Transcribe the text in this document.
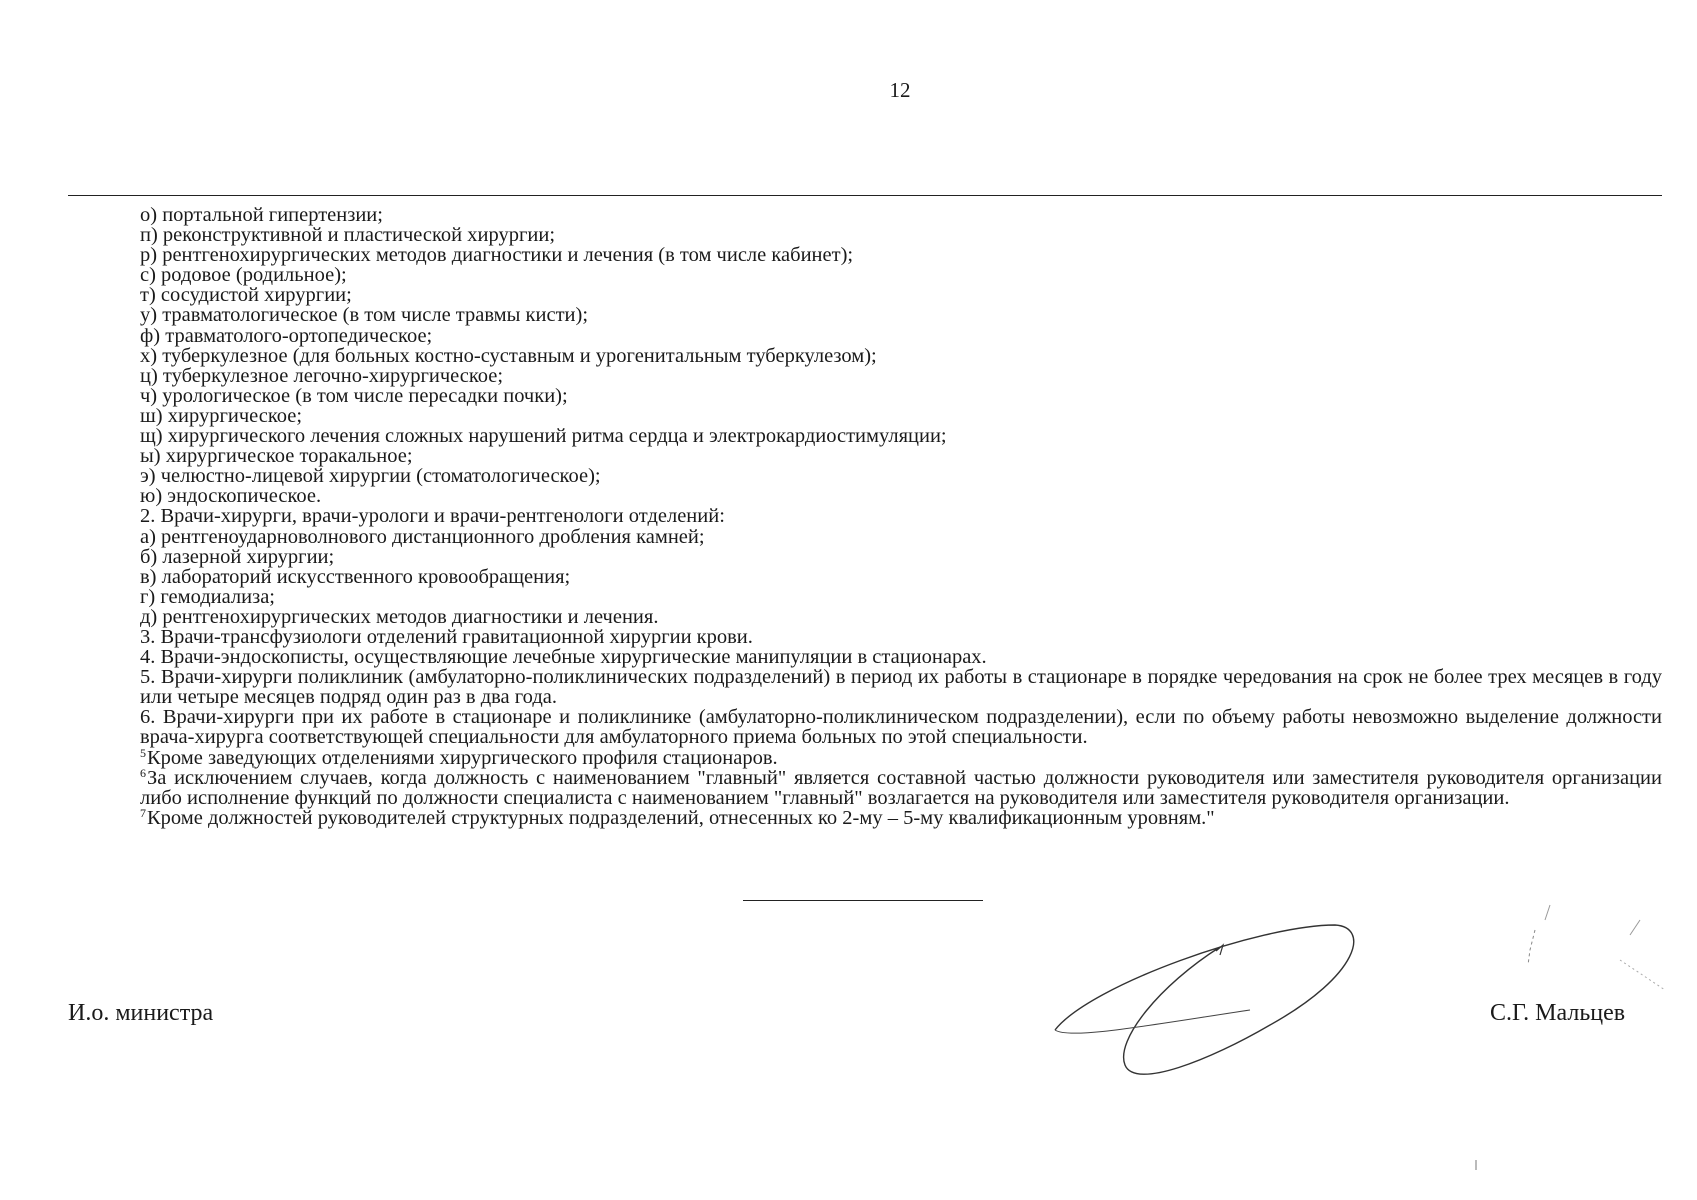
12
о) портальной гипертензии;
п) реконструктивной и пластической хирургии;
р) рентгенохирургических методов диагностики и лечения (в том числе кабинет);
с) родовое (родильное);
т) сосудистой хирургии;
у) травматологическое (в том числе травмы кисти);
ф) травматолого-ортопедическое;
х) туберкулезное (для больных костно-суставным и урогенитальным туберкулезом);
ц) туберкулезное легочно-хирургическое;
ч) урологическое (в том числе пересадки почки);
ш) хирургическое;
щ) хирургического лечения сложных нарушений ритма сердца и электрокардиостимуляции;
ы) хирургическое торакальное;
э) челюстно-лицевой хирургии (стоматологическое);
ю) эндоскопическое.
2. Врачи-хирурги, врачи-урологи и врачи-рентгенологи отделений:
а) рентгеноударноволнового дистанционного дробления камней;
б) лазерной хирургии;
в) лабораторий искусственного кровообращения;
г) гемодиализа;
д) рентгенохирургических методов диагностики и лечения.
3. Врачи-трансфузиологи отделений гравитационной хирургии крови.
4. Врачи-эндоскописты, осуществляющие лечебные хирургические манипуляции в стационарах.
5. Врачи-хирурги поликлиник (амбулаторно-поликлинических подразделений) в период их работы в стационаре в порядке чередования на срок не более трех месяцев в году или четыре месяцев подряд один раз в два года.
6. Врачи-хирурги при их работе в стационаре и поликлинике (амбулаторно-поликлиническом подразделении), если по объему работы невозможно выделение должности врача-хирурга соответствующей специальности для амбулаторного приема больных по этой специальности.
$^5$Кроме заведующих отделениями хирургического профиля стационаров.
$^6$За исключением случаев, когда должность с наименованием "главный" является составной частью должности руководителя или заместителя руководителя организации либо исполнение функций по должности специалиста с наименованием "главный" возлагается на руководителя или заместителя руководителя организации.
$^7$Кроме должностей руководителей структурных подразделений, отнесенных ко 2-му – 5-му квалификационным уровням."
И.о. министра	С.Г. Мальцев
